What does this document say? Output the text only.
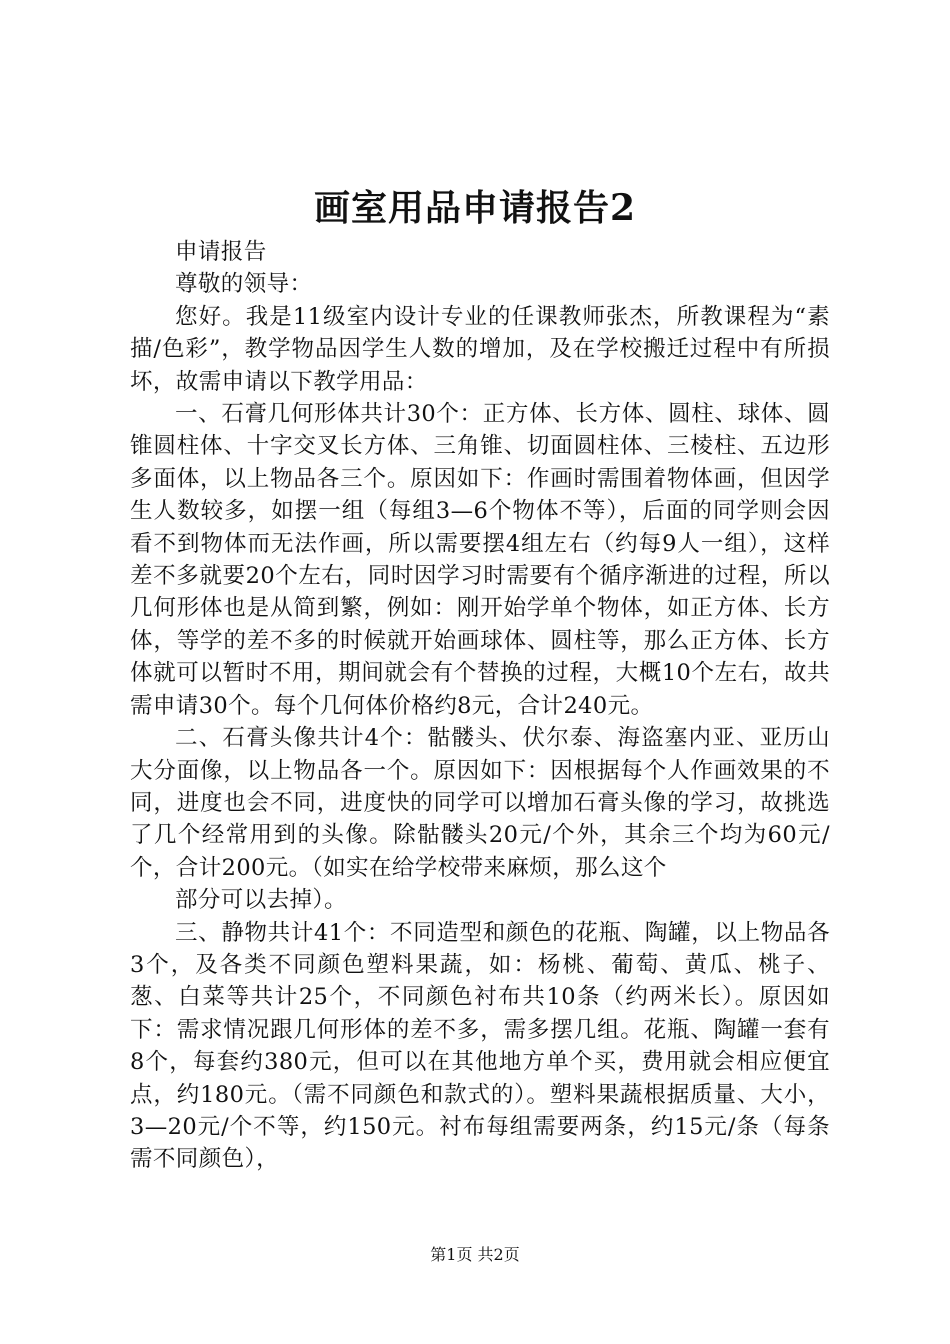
画室用品申请报告2

申请报告

尊敬的领导：

您好。我是11级室内设计专业的任课教师张杰，所教课程为“素描/色彩”，教学物品因学生人数的增加，及在学校搬迁过程中有所损坏，故需申请以下教学用品：

一、石膏几何形体共计30个：正方体、长方体、圆柱、球体、圆锥圆柱体、十字交叉长方体、三角锥、切面圆柱体、三棱柱、五边形多面体，以上物品各三个。原因如下：作画时需围着物体画，但因学生人数较多，如摆一组（每组3—6个物体不等），后面的同学则会因看不到物体而无法作画，所以需要摆4组左右（约每9人一组），这样差不多就要20个左右，同时因学习时需要有个循序渐进的过程，所以几何形体也是从简到繁，例如：刚开始学单个物体，如正方体、长方体，等学的差不多的时候就开始画球体、圆柱等，那么正方体、长方体就可以暂时不用，期间就会有个替换的过程，大概10个左右，故共需申请30个。每个几何体价格约8元，合计240元。

二、石膏头像共计4个：骷髅头、伏尔泰、海盗塞内亚、亚历山大分面像，以上物品各一个。原因如下：因根据每个人作画效果的不同，进度也会不同，进度快的同学可以增加石膏头像的学习，故挑选了几个经常用到的头像。除骷髅头20元/个外，其余三个均为60元/个，合计200元。（如实在给学校带来麻烦，那么这个

部分可以去掉）。

三、静物共计41个：不同造型和颜色的花瓶、陶罐，以上物品各3个，及各类不同颜色塑料果蔬，如：杨桃、葡萄、黄瓜、桃子、葱、白菜等共计25个，不同颜色衬布共10条（约两米长）。原因如下：需求情况跟几何形体的差不多，需多摆几组。花瓶、陶罐一套有8个，每套约380元，但可以在其他地方单个买，费用就会相应便宜点，约180元。（需不同颜色和款式的）。塑料果蔬根据质量、大小，3—20元/个不等，约150元。衬布每组需要两条，约15元/条（每条需不同颜色），

第1页 共2页
